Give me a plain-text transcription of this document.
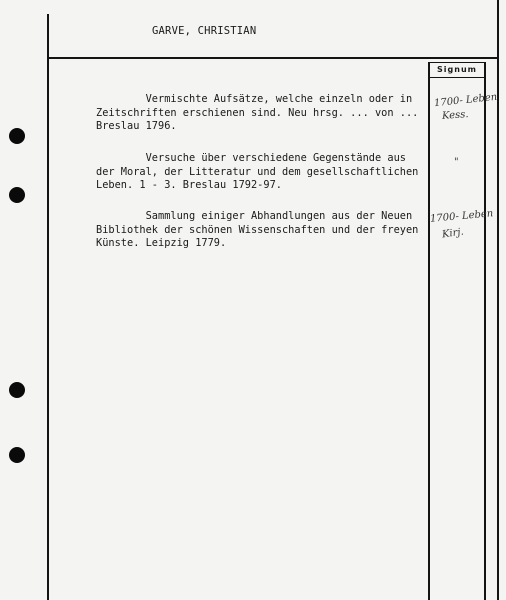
GARVE, CHRISTIAN
Signum
Vermischte Aufsätze, welche einzeln oder in
Zeitschriften erschienen sind. Neu hrsg. ... von ...
Breslau 1796.
1700- Leben
Kess.
Versuche über verschiedene Gegenstände aus
der Moral, der Litteratur und dem gesellschaftlichen
Leben. 1 - 3. Breslau 1792-97.
"
Sammlung einiger Abhandlungen aus der Neuen
Bibliothek der schönen Wissenschaften und der freyen
Künste. Leipzig 1779.
1700- Leben
Kirj.
